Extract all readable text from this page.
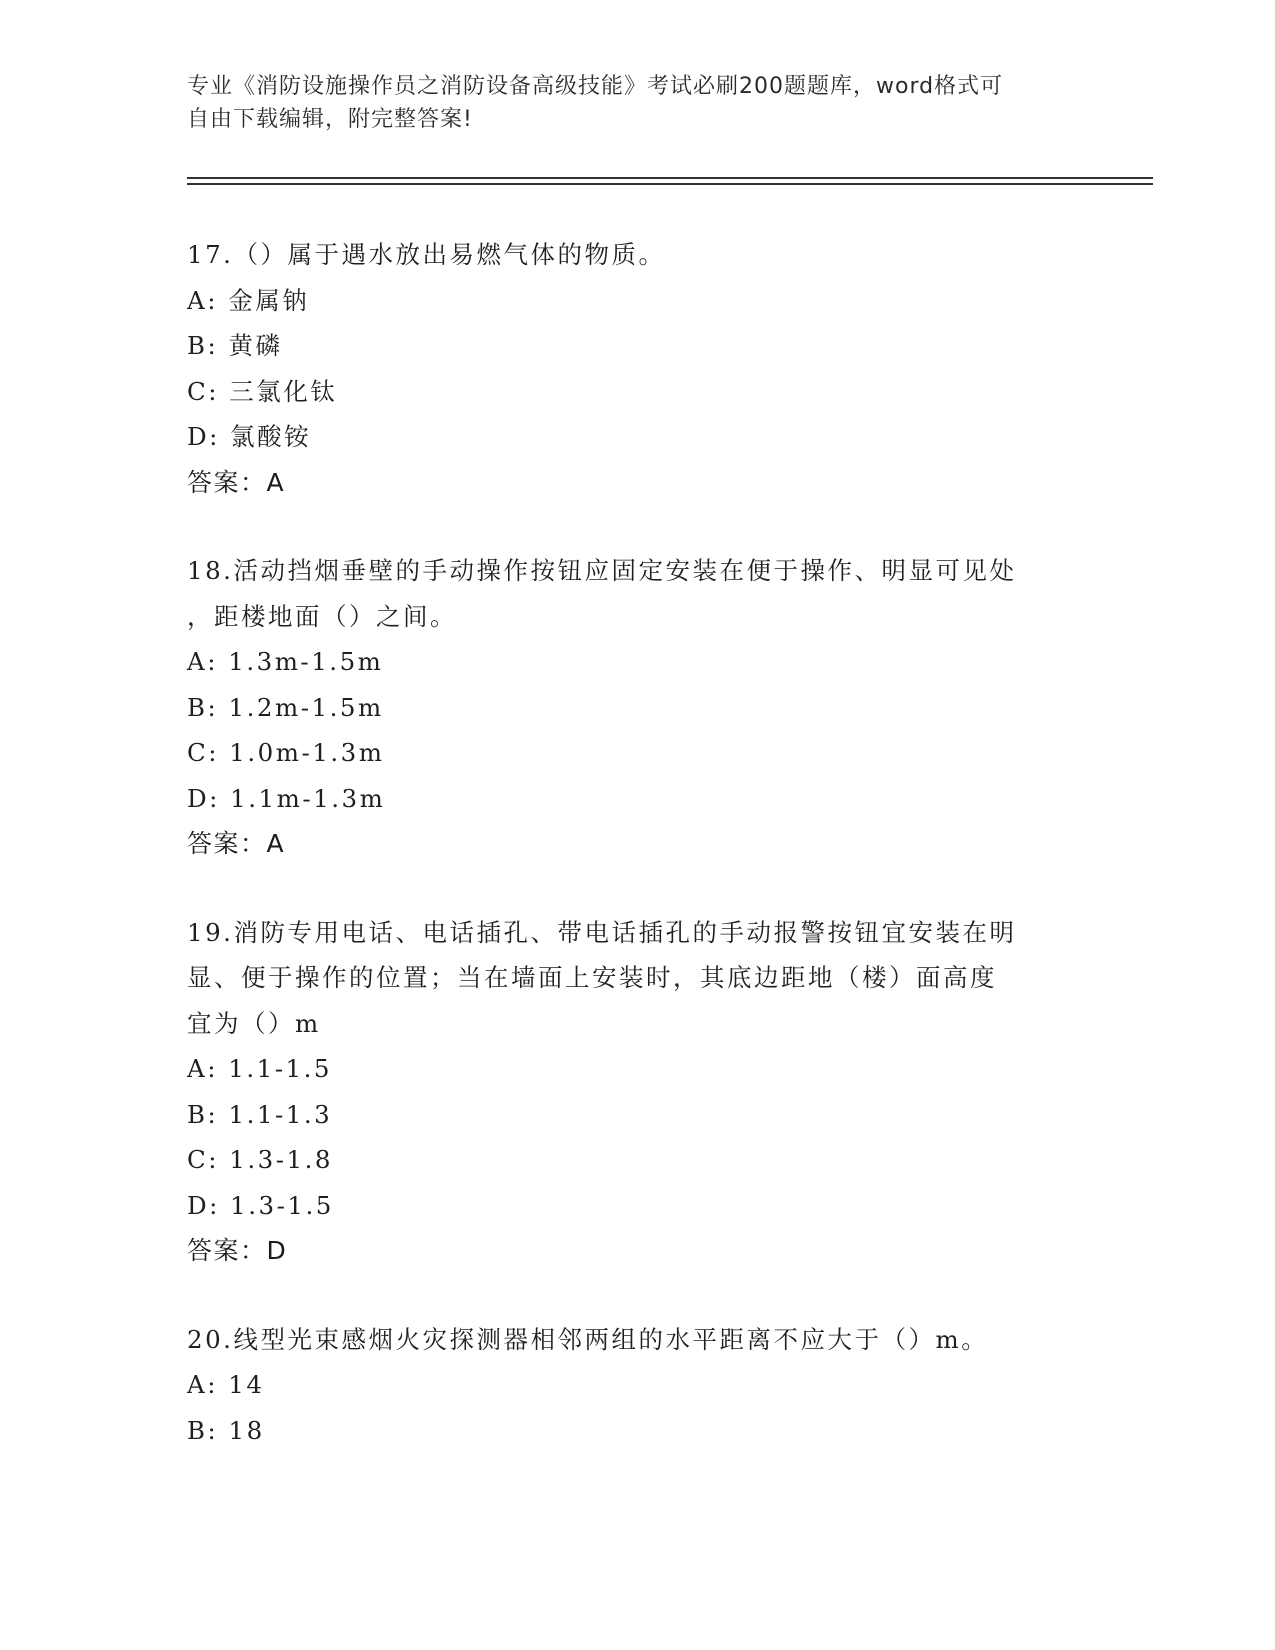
专业《消防设施操作员之消防设备高级技能》考试必刷200题题库，word格式可
自由下载编辑，附完整答案!
17.（）属于遇水放出易燃气体的物质。
A: 金属钠
B: 黄磷
C: 三氯化钛
D: 氯酸铵
答案：A
18.活动挡烟垂壁的手动操作按钮应固定安装在便于操作、明显可见处
，距楼地面（）之间。
A: 1.3m-1.5m
B: 1.2m-1.5m
C: 1.0m-1.3m
D: 1.1m-1.3m
答案：A
19.消防专用电话、电话插孔、带电话插孔的手动报警按钮宜安装在明
显、便于操作的位置；当在墙面上安装时，其底边距地（楼）面高度
宜为（）m
A: 1.1-1.5
B: 1.1-1.3
C: 1.3-1.8
D: 1.3-1.5
答案：D
20.线型光束感烟火灾探测器相邻两组的水平距离不应大于（）m。
A: 14
B: 18
